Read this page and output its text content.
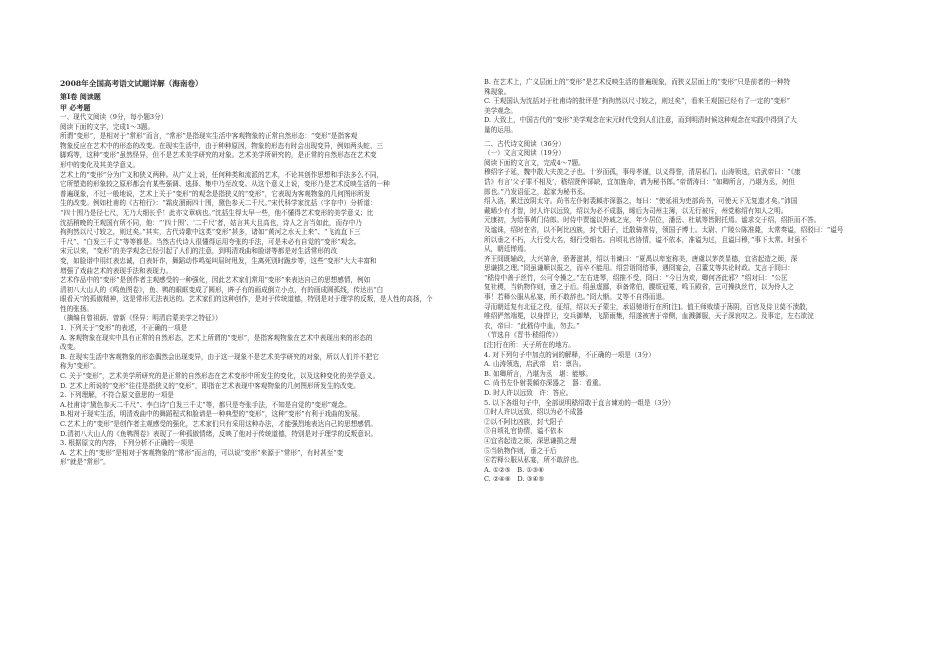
2008年全国高考语文试题详解（海南卷）
第Ⅰ卷 阅读题
甲 必考题
一、现代文阅读（9分，每小题3分）
阅读下面的文字，完成1～3题。
所谓“变形”，是相对于“常形”而言，“常形”是指现实生活中客观物象的正常自然形态：“变形”是指客观
物象反应在艺术中的形态的改变。在现实生活中，由于种种原因，物象的形态有时会出现变异，例如两头蛇、三
脚鸡等，这种“变形”虽然怪异，但不是艺术美学研究的对象。艺术美学所研究的，是正常的自然形态在艺术变
形中的变化及其美学意义。
艺术上的“变形”分为广义和狭义两种。从广义上说，任何种类和流派的艺术，不论其创作思想和手法多么不同，
它所塑造的形象较之原形都会有某些强调、选择、集中乃至改变。从这个意义上说，变形乃是艺术反映生活的一种
普遍现象，不过一般地说，艺术上关于“变形”的观念是指狭义的“变形”，它表现为客观物象的几何图形所发
生的改变。例如杜甫的《古柏行》：“霜皮溜雨四十围，黛色参天二千尺。”宋代科学家沈括（字存中）分析道：
“四十围乃是径七尺，无乃大细长乎！此亦文章病也。”沈括生得太早一些，他不懂得艺术变形的美学意义；比
沈括稍晚的王观国有所不同，他：“‘四十围’、‘二千尺’者，姑言其大且高也，诗人之言当如此，而存中乃
拘拘然以尺寸较之，则过矣。”其实，古代诗歌中这类“变形”甚多，诸如“黄河之水天上来”、“飞流直下三
千尺”、“白发三千丈”等等都是。当然古代诗人很懂得运用夸张的手法，可是未必有自觉的“变形”观念。
宋元以来，“变形”的美学观念已经引起了人们的注意，到明清戏曲和脸谱等都是对生活常形的改
变，如脸谱中用红表忠诚，白表奸诈，舞蹈动作鸣冤叫屈时甩发，生离死别时跪步等，这些“变形”大大丰富和
增强了戏曲艺术的表现手法和表现力。
艺术作品中的“变形”是创作者主观感受的一种强化，因此艺术家们常用“变形”来表达自己的思想感情，例如
清初八大山人的《鸣鱼图卷》，鱼、鸭的眼眶变成了圆形，眸子有的画成倒立小点，有的画成圆孤线，传达出“白
眼看天”的孤傲精神，这是常形无法表达的。艺术家们的这种创作，是对于传统道德，特别是对于理学的反叛，是人性的高扬，个
性的张扬。
（摘编自曾祖荫、曾新《怪异：明清启蒙美学之特征》）
1. 下列关于“变形”的表述，不正确的一项是
A. 客观物象在现实中具有正常的自然形态，艺术上所谓的“变形”，是指客观物象在艺术中表现出来的形态的
改变。
B. 在现实生活中客观物象的形态偶然会出现变异，由于这一现象不是艺术美学研究的对象，所以人们并不把它
称为“变形”。
C. 关于“变形”，艺术美学所研究的是正常的自然形态在艺术变形中所发生的变化，以及这种变化的美学意义。
D. 艺术上所说的“变形”往往是指狭义的“变形”，即指在艺术表现中客观物象的几何图形所发生的改变。
2. 下列理解，不符合原文意思的一项是
A.杜甫诗“黛色参天二千尺”、李白诗“白发三千丈”等，都只是夸张手法，不知是自觉的“变形”观念。
B.相对于现实生活，明清戏曲中的舞蹈程式和脸谱是一种典型的“变形”，这种“变形”有利于戏曲的发展。
C.艺术上的“变形”是创作者主观感受的强化，艺术家们只有采用这种办法，才能强烈地表达自己的思想感情。
D.清初八大山人的《鱼鸭图卷》表现了一种孤傲情绪，反映了他对于传统道德，特别是对于理学的反叛意识。
3. 根据原文的内容，下列分析不正确的一项是
A. 艺术上的“变形”是相对于客观物象的“常形”而言的，可以说“变形”来源于“常形”，有时甚至“变
形”就是“常形”。
B. 在艺术上，广义层面上的“变形”是艺术反映生活的普遍现象，而狭义层面上的“变形”只是前者的一种特
殊现象。
C. 王观国认为沈括对于杜甫诗的批评是“拘拘然以尺寸较之，则过矣”，看来王观国已经有了一定的“变形”
美学观念。
D. 大致上，中国古代的“变形”美学观念在宋元时代受到人们注意，而到明清时候这种观念在实践中得到了大
量的运用。
二、古代诗文阅读（36分）
（一）文言文阅读（19分）
阅读下面的文言文，完成4～7题。
穆绍字子延，魏中散大夫羡之子也。十岁而孤，事母孝谨，以义得誉，清居私门。山涛领选，启武帝曰：“《康
诰》有言‘父子罪不相及’，嵇绍贤侔郤缺，宜加旌命，请为秘书郎。”帝谓涛曰：“如卿所言，乃堪为丞，何但
郎也。”乃发诏征之，起家为秘书丞。
绍入洛，累迁汝阴太守。尚书左仆射裴頠亦深器之，每曰：“使延祖为吏部尚书，可使天下无复遗才矣。”沛国
戴晞少有才智，时人许以远致，绍以为必不成器，晞后为司州主簿，以无行被斥，州党称绍有知人之明。
元康初，为给事黄门侍郎。时侍中贾谧以外戚之宠，年少居位，潘岳、杜斌等皆附托焉。谧求交于绍，绍拒而不答。
及谧诛，绍时在省，以不阿比凶族，封弋阳子，迁散骑常侍，领国子博士。太尉、广陵公陈准薨，太常奏谥，绍驳曰：“谥号
所以垂之不朽，大行受大名，细行受细名。自顷礼官协情，谥不依本，准谥为过，且谥曰穆，”事下太常。时虽不
从，朝廷惮焉。
齐王冏既辅政，大兴第舍，骄奢滋甚，绍以书谏曰：“夏禹以卑室称美，唐虞以茅茨显德，宜省起造之烦，深
思谦损之理。”冏虽谦顺以报之，而卒不能用。绍尝诣冏谘事，遇冏宴会，召董艾等共论时政。艾言于冏曰：
“嵇侍中善于丝竹，公可令操之。”左右进琴，绍推不受，冏曰：“今日为欢，卿何吝此邪？”绍对曰：“公匡
复社稷，当轨物作则，垂之于后。绍虽虚鄙，忝备常伯，腰绂冠冕，鸣玉殿省，岂可操执丝竹，以为伶人之
事！若释公服从私宴，所不敢辞也。”冏大惭。艾等不自得而退。
寻而朝廷复有北征之役，征绍，绍以天子蒙尘，承诏驰诣行在所[注]。值王师败绩于荡阴，百官及侍卫莫不溃散，
唯绍俨然端冕，以身捍卫，交兵御辇，飞箭雨集，绍遂被害于帝侧，血溅御服，天子深哀叹之。及事定，左右欲浣
衣，帝曰：“此嵇侍中血，勿去。”
（节选自《晋书·嵇绍传》）
[注]行在所：天子所在的地方。
4. 对下列句子中加点的词的解释，不正确的一项是（3分）
A. 山涛领选，启武帝　启：禀告。
B. 如卿所言，乃堪为丞　堪：能够。
C. 尚书左仆射裴頠亦深器之　器：看重。
D. 时人许以远致　许：答应。
5. 以下各组句子中，全部说明嵇绍敢于直言谏劝的一组是（3分）
①时人许以远致，绍以为必不成器
②以不阿比凶族，封弋阳子
③自顷礼官协情，谥不依本
④宜省起造之烦，深思谦损之理
⑤当轨物作则，垂之于后
⑥若释公服从私宴，所不敢辞也。
A. ①②⑤　B. ①③⑥
C. ②④⑥　D. ③④⑤
